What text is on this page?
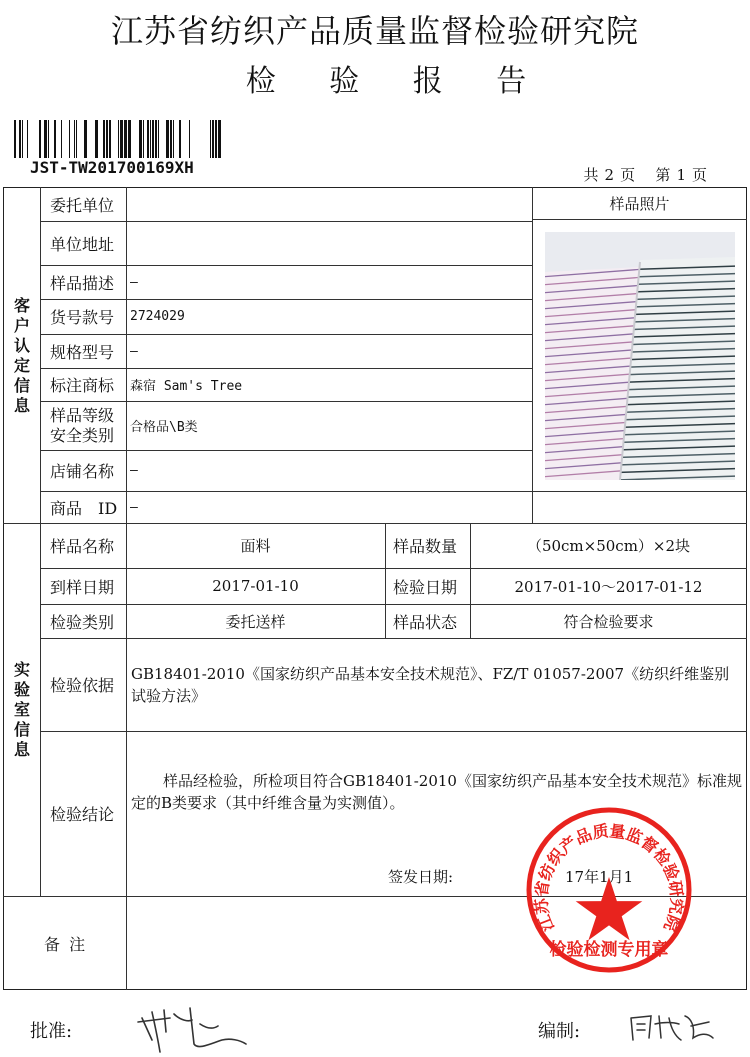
江苏省纺织产品质量监督检验研究院
检 验 报 告
JST-TW201700169XH	共 2 页 第 1 页
客户认定信息
实验室信息
委托单位
单位地址
样品描述 —
货号款号 2724029
规格型号 —
标注商标 森宿 Sam's Tree
样品等级
安全类别 合格品\B类
店铺名称 —
商品　ID —
样品照片
样品名称	面料	样品数量	（50cm×50cm）×2块
到样日期	2017-01-10	检验日期	2017-01-10～2017-01-12
检验类别	委托送样	样品状态	符合检验要求
检验依据
GB18401-2010《国家纺织产品基本安全技术规范》、FZ/T 01057-2007《纺织纤维鉴别试验方法》
检验结论
样品经检验，所检项目符合GB18401-2010《国家纺织产品基本安全技术规范》标准规定的B类要求（其中纤维含量为实测值）。
签发日期:	17年1月1
备 注
江苏省纺织产品质量监督检验研究院
检验检测专用章
批准:	编制:
